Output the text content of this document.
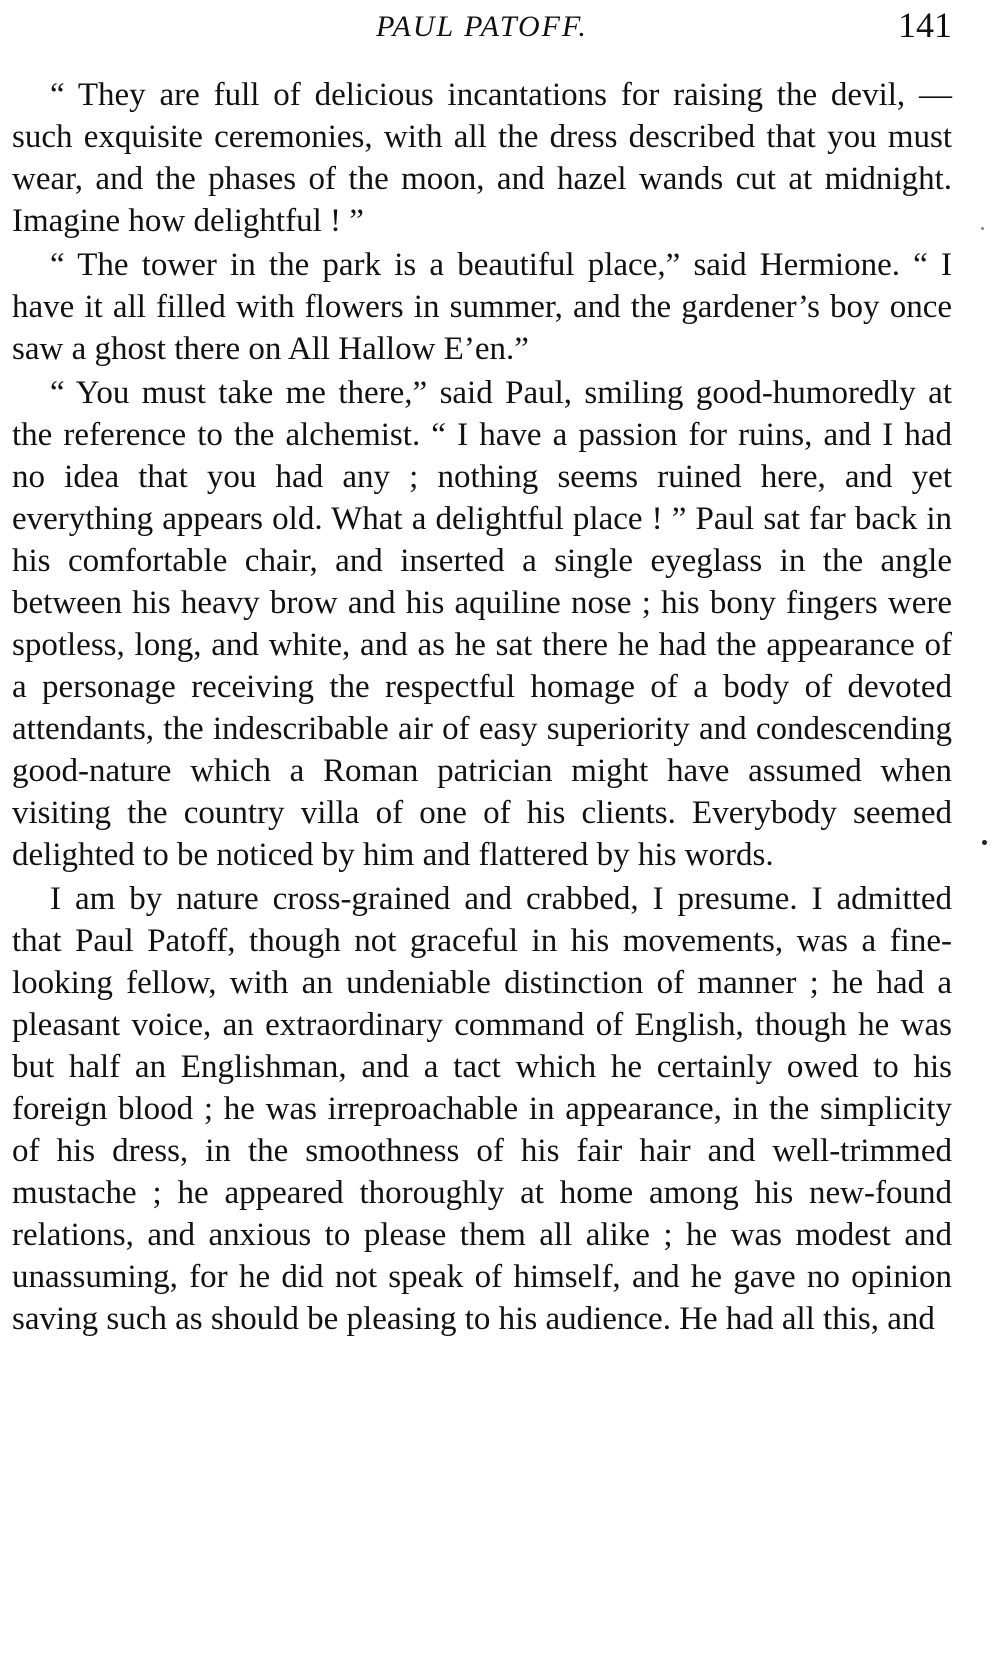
PAUL PATOFF.	141

“ They are full of delicious incantations for raising the devil, — such exquisite ceremonies, with all the dress described that you must wear, and the phases of the moon, and hazel wands cut at midnight. Imagine how delightful ! ”

“ The tower in the park is a beautiful place,” said Hermione. “ I have it all filled with flowers in summer, and the gardener’s boy once saw a ghost there on All Hallow E’en.”

“ You must take me there,” said Paul, smiling good-humoredly at the reference to the alchemist. “ I have a passion for ruins, and I had no idea that you had any ; nothing seems ruined here, and yet everything appears old. What a delightful place ! ” Paul sat far back in his comfortable chair, and inserted a single eyeglass in the angle between his heavy brow and his aquiline nose ; his bony fingers were spotless, long, and white, and as he sat there he had the appearance of a personage receiving the respectful homage of a body of devoted attendants, the indescribable air of easy superiority and condescending good-nature which a Roman patrician might have assumed when visiting the country villa of one of his clients. Everybody seemed delighted to be noticed by him and flattered by his words.

I am by nature cross-grained and crabbed, I presume. I admitted that Paul Patoff, though not graceful in his movements, was a fine-looking fellow, with an undeniable distinction of manner ; he had a pleasant voice, an extraordinary command of English, though he was but half an Englishman, and a tact which he certainly owed to his foreign blood ; he was irreproachable in appearance, in the simplicity of his dress, in the smoothness of his fair hair and well-trimmed mustache ; he appeared thoroughly at home among his new-found relations, and anxious to please them all alike ; he was modest and unassuming, for he did not speak of himself, and he gave no opinion saving such as should be pleasing to his audience. He had all this, and
